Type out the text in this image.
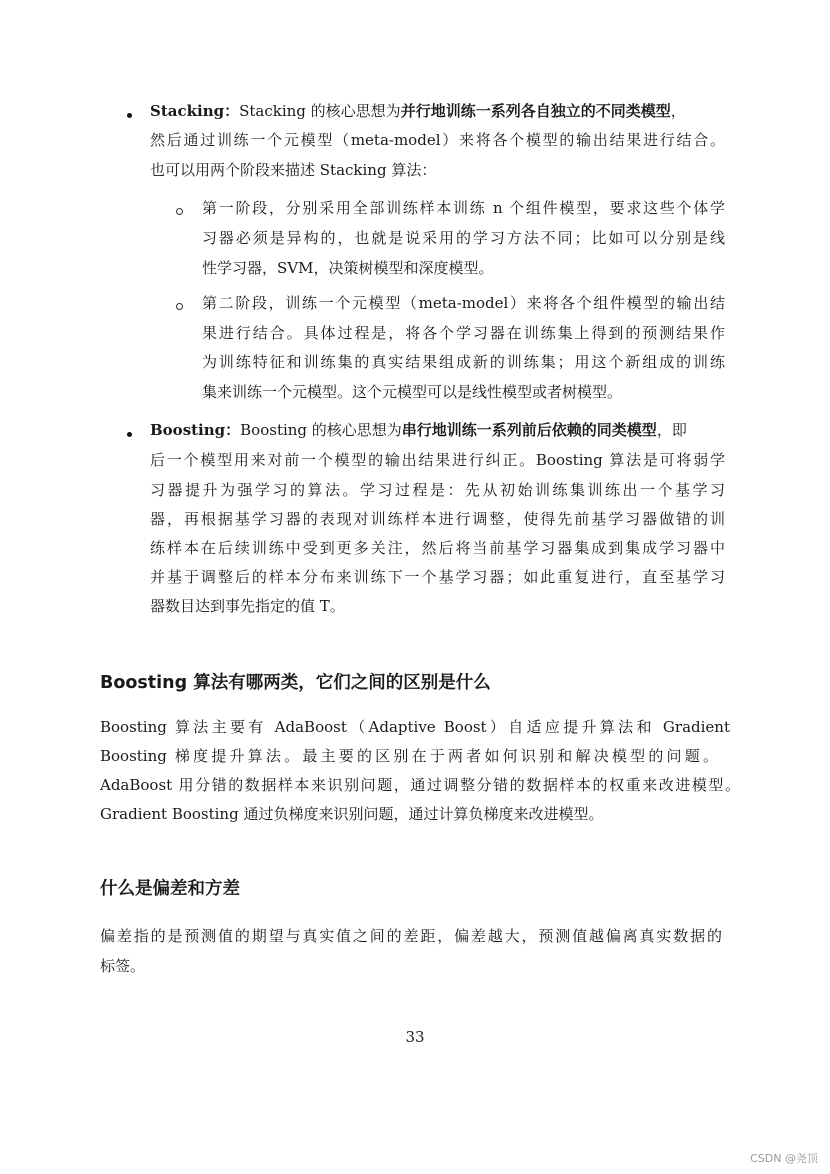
Stacking：Stacking 的核心思想为并行地训练一系列各自独立的不同类模型，
然后通过训练一个元模型（meta-model）来将各个模型的输出结果进行结合。
也可以用两个阶段来描述 Stacking 算法：
第一阶段，分别采用全部训练样本训练 n 个组件模型，要求这些个体学
习器必须是异构的，也就是说采用的学习方法不同；比如可以分别是线
性学习器，SVM，决策树模型和深度模型。
第二阶段，训练一个元模型（meta-model）来将各个组件模型的输出结
果进行结合。具体过程是，将各个学习器在训练集上得到的预测结果作
为训练特征和训练集的真实结果组成新的训练集；用这个新组成的训练
集来训练一个元模型。这个元模型可以是线性模型或者树模型。
Boosting：Boosting 的核心思想为串行地训练一系列前后依赖的同类模型，即
后一个模型用来对前一个模型的输出结果进行纠正。Boosting 算法是可将弱学
习器提升为强学习的算法。学习过程是：先从初始训练集训练出一个基学习
器，再根据基学习器的表现对训练样本进行调整，使得先前基学习器做错的训
练样本在后续训练中受到更多关注，然后将当前基学习器集成到集成学习器中
并基于调整后的样本分布来训练下一个基学习器；如此重复进行，直至基学习
器数目达到事先指定的值 T。
Boosting 算法有哪两类，它们之间的区别是什么
Boosting 算法主要有 AdaBoost（Adaptive Boost）自适应提升算法和 Gradient
Boosting 梯度提升算法。最主要的区别在于两者如何识别和解决模型的问题。
AdaBoost 用分错的数据样本来识别问题，通过调整分错的数据样本的权重来改进模型。
Gradient Boosting 通过负梯度来识别问题，通过计算负梯度来改进模型。
什么是偏差和方差
偏差指的是预测值的期望与真实值之间的差距，偏差越大，预测值越偏离真实数据的
标签。
33
CSDN @尧顶
